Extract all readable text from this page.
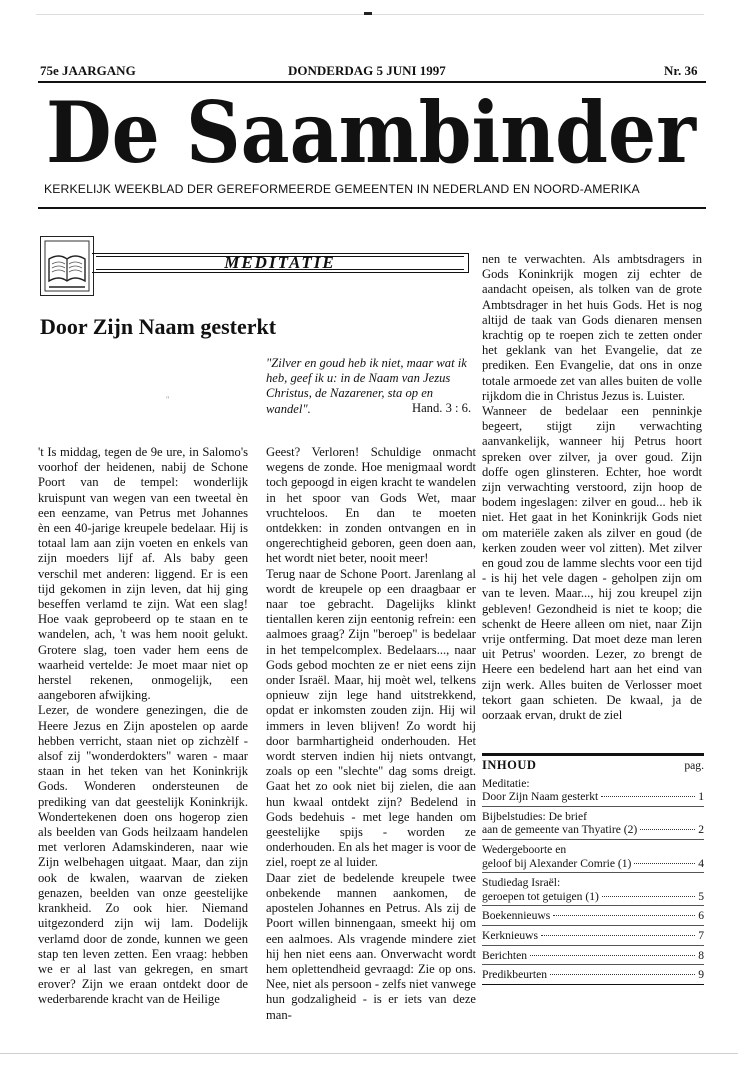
75e JAARGANG	DONDERDAG 5 JUNI 1997	Nr. 36
De Saambinder
KERKELIJK WEEKBLAD DER GEREFORMEERDE GEMEENTEN IN NEDERLAND EN NOORD-AMERIKA
MEDITATIE
Door Zijn Naam gesterkt
"
"Zilver en goud heb ik niet, maar wat ik heb, geef ik u: in de Naam van Jezus Christus, de Nazarener, sta op en wandel".	Hand. 3 : 6.

't Is middag, tegen de 9e ure, in Salomo's voorhof der heidenen, nabij de Schone Poort van de tempel: wonderlijk kruispunt van wegen van een tweetal èn een eenzame, van Petrus met Johannes èn een 40-jarige kreupele bedelaar. Hij is totaal lam aan zijn voeten en enkels van zijn moeders lijf af. Als baby geen verschil met anderen: liggend. Er is een tijd gekomen in zijn leven, dat hij ging beseffen verlamd te zijn. Wat een slag! Hoe vaak geprobeerd op te staan en te wandelen, ach, 't was hem nooit gelukt. Grotere slag, toen vader hem eens de waarheid vertelde: Je moet maar niet op herstel rekenen, onmogelijk, een aangeboren afwijking.

Lezer, de wondere genezingen, die de Heere Jezus en Zijn apostelen op aarde hebben verricht, staan niet op zichzèlf - alsof zij "wonderdokters" waren - maar staan in het teken van het Koninkrijk Gods. Wonderen ondersteunen de prediking van dat geestelijk Koninkrijk. Wondertekenen doen ons hogerop zien als beelden van Gods heilzaam handelen met verloren Adamskinderen, naar wie Zijn welbehagen uitgaat. Maar, dan zijn ook de kwalen, waarvan de zieken genazen, beelden van onze geestelijke krankheid. Zo ook hier. Niemand uitgezonderd zijn wij lam. Dodelijk verlamd door de zonde, kunnen we geen stap ten leven zetten. Een vraag: hebben we er al last van gekregen, en smart erover? Zijn we eraan ontdekt door de wederbarende kracht van de Heilige

Geest? Verloren! Schuldige onmacht wegens de zonde. Hoe menigmaal wordt toch gepoogd in eigen kracht te wandelen in het spoor van Gods Wet, maar vruchteloos. En dan te moeten ontdekken: in zonden ontvangen en in ongerechtigheid geboren, geen doen aan, het wordt niet beter, nooit meer!

Terug naar de Schone Poort. Jarenlang al wordt de kreupele op een draagbaar er naar toe gebracht. Dagelijks klinkt tientallen keren zijn eentonig refrein: een aalmoes graag? Zijn "beroep" is bedelaar in het tempelcomplex. Bedelaars..., naar Gods gebod mochten ze er niet eens zijn onder Israël. Maar, hij moèt wel, telkens opnieuw zijn lege hand uitstrekkend, opdat er inkomsten zouden zijn. Hij wil immers in leven blijven! Zo wordt hij door barmhartigheid onderhouden. Het wordt sterven indien hij niets ontvangt, zoals op een "slechte" dag soms dreigt. Gaat het zo ook niet bij zielen, die aan hun kwaal ontdekt zijn? Bedelend in Gods bedehuis - met lege handen om geestelijke spijs - worden ze onderhouden. En als het mager is voor de ziel, roept ze al luider.

Daar ziet de bedelende kreupele twee onbekende mannen aankomen, de apostelen Johannes en Petrus. Als zij de Poort willen binnengaan, smeekt hij om een aalmoes. Als vragende mindere ziet hij hen niet eens aan. Onverwacht wordt hem oplettendheid gevraagd: Zie op ons. Nee, niet als persoon - zelfs niet vanwege hun godzaligheid - is er iets van deze man-

nen te verwachten. Als ambtsdragers in Gods Koninkrijk mogen zij echter de aandacht opeisen, als tolken van de grote Ambtsdrager in het huis Gods. Het is nog altijd de taak van Gods dienaren mensen krachtig op te roepen zich te zetten onder het geklank van het Evangelie, dat ze prediken. Een Evangelie, dat ons in onze totale armoede zet van alles buiten de volle rijkdom die in Christus Jezus is. Luister.

Wanneer de bedelaar een penninkje begeert, stijgt zijn verwachting aanvankelijk, wanneer hij Petrus hoort spreken over zilver, ja over goud. Zijn doffe ogen glinsteren. Echter, hoe wordt zijn verwachting verstoord, zijn hoop de bodem ingeslagen: zilver en goud... heb ik niet. Het gaat in het Koninkrijk Gods niet om materiële zaken als zilver en goud (de kerken zouden weer vol zitten). Met zilver en goud zou de lamme slechts voor een tijd - is hij het vele dagen - geholpen zijn om van te leven. Maar..., hij zou kreupel zijn gebleven! Gezondheid is niet te koop; die schenkt de Heere alleen om niet, naar Zijn vrije ontferming. Dat moet deze man leren uit Petrus' woorden. Lezer, zo brengt de Heere een bedelend hart aan het eind van zijn werk. Alles buiten de Verlosser moet tekort gaan schieten. De kwaal, ja de oorzaak ervan, drukt de ziel

INHOUD	pag.
Meditatie:
Door Zijn Naam gesterkt	1
Bijbelstudies: De brief
aan de gemeente van Thyatire (2)	2
Wedergeboorte en
geloof bij Alexander Comrie (1)	4
Studiedag Israël:
geroepen tot getuigen (1)	5
Boekennieuws	6
Kerknieuws	7
Berichten	8
Predikbeurten	9
